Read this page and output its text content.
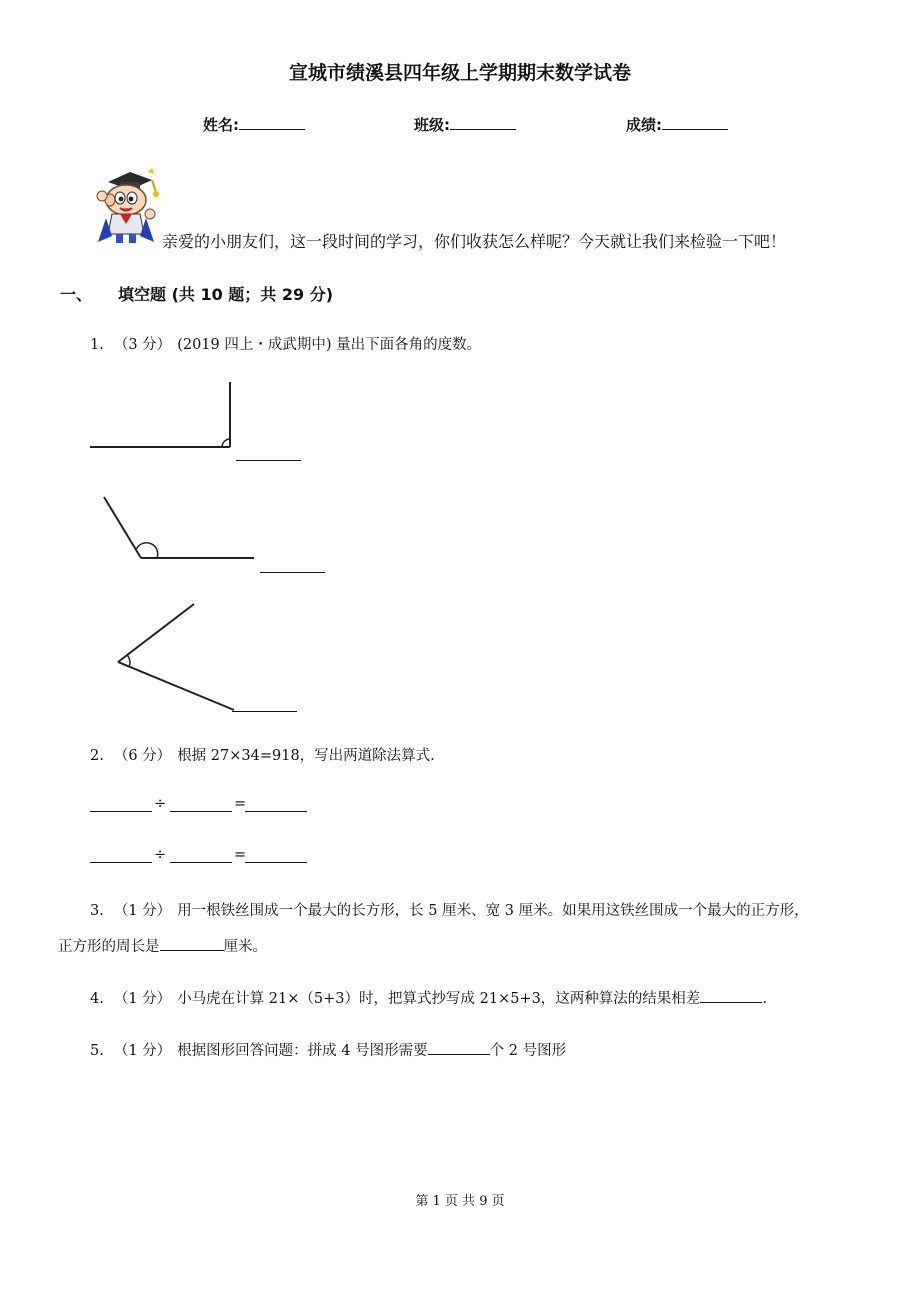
宣城市绩溪县四年级上学期期末数学试卷
姓名:	班级:	成绩:
亲爱的小朋友们，这一段时间的学习，你们收获怎么样呢？今天就让我们来检验一下吧！
一、 填空题 (共 10 题；共 29 分)
1. （3 分） (2019 四上・成武期中) 量出下面各角的度数。
2. （6 分） 根据 27×34=918，写出两道除法算式.
÷	=
÷	=
3. （1 分） 用一根铁丝围成一个最大的长方形，长 5 厘米、宽 3 厘米。如果用这铁丝围成一个最大的正方形，
正方形的周长是	厘米。
4. （1 分） 小马虎在计算 21×（5+3）时，把算式抄写成 21×5+3，这两种算法的结果相差	.
5. （1 分） 根据图形回答问题：拼成 4 号图形需要	个 2 号图形
第 1 页 共 9 页
